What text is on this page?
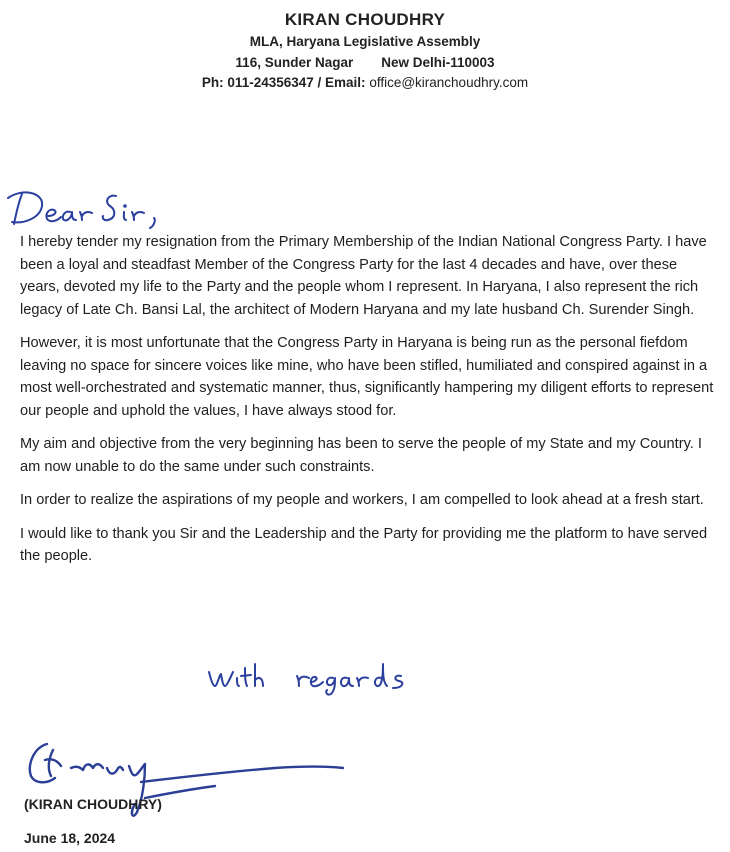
KIRAN CHOUDHRY
MLA, Haryana Legislative Assembly
116, Sunder Nagar New Delhi-110003
Ph: 011-24356347 / Email: office@kiranchoudhry.com

I hereby tender my resignation from the Primary Membership of the Indian National Congress Party. I have been a loyal and steadfast Member of the Congress Party for the last 4 decades and have, over these years, devoted my life to the Party and the people whom I represent. In Haryana, I also represent the rich legacy of Late Ch. Bansi Lal, the architect of Modern Haryana and my late husband Ch. Surender Singh.

However, it is most unfortunate that the Congress Party in Haryana is being run as the personal fiefdom leaving no space for sincere voices like mine, who have been stifled, humiliated and conspired against in a most well-orchestrated and systematic manner, thus, significantly hampering my diligent efforts to represent our people and uphold the values, I have always stood for.

My aim and objective from the very beginning has been to serve the people of my State and my Country. I am now unable to do the same under such constraints.

In order to realize the aspirations of my people and workers, I am compelled to look ahead at a fresh start.

I would like to thank you Sir and the Leadership and the Party for providing me the platform to have served the people.

(KIRAN CHOUDHRY)
June 18, 2024
